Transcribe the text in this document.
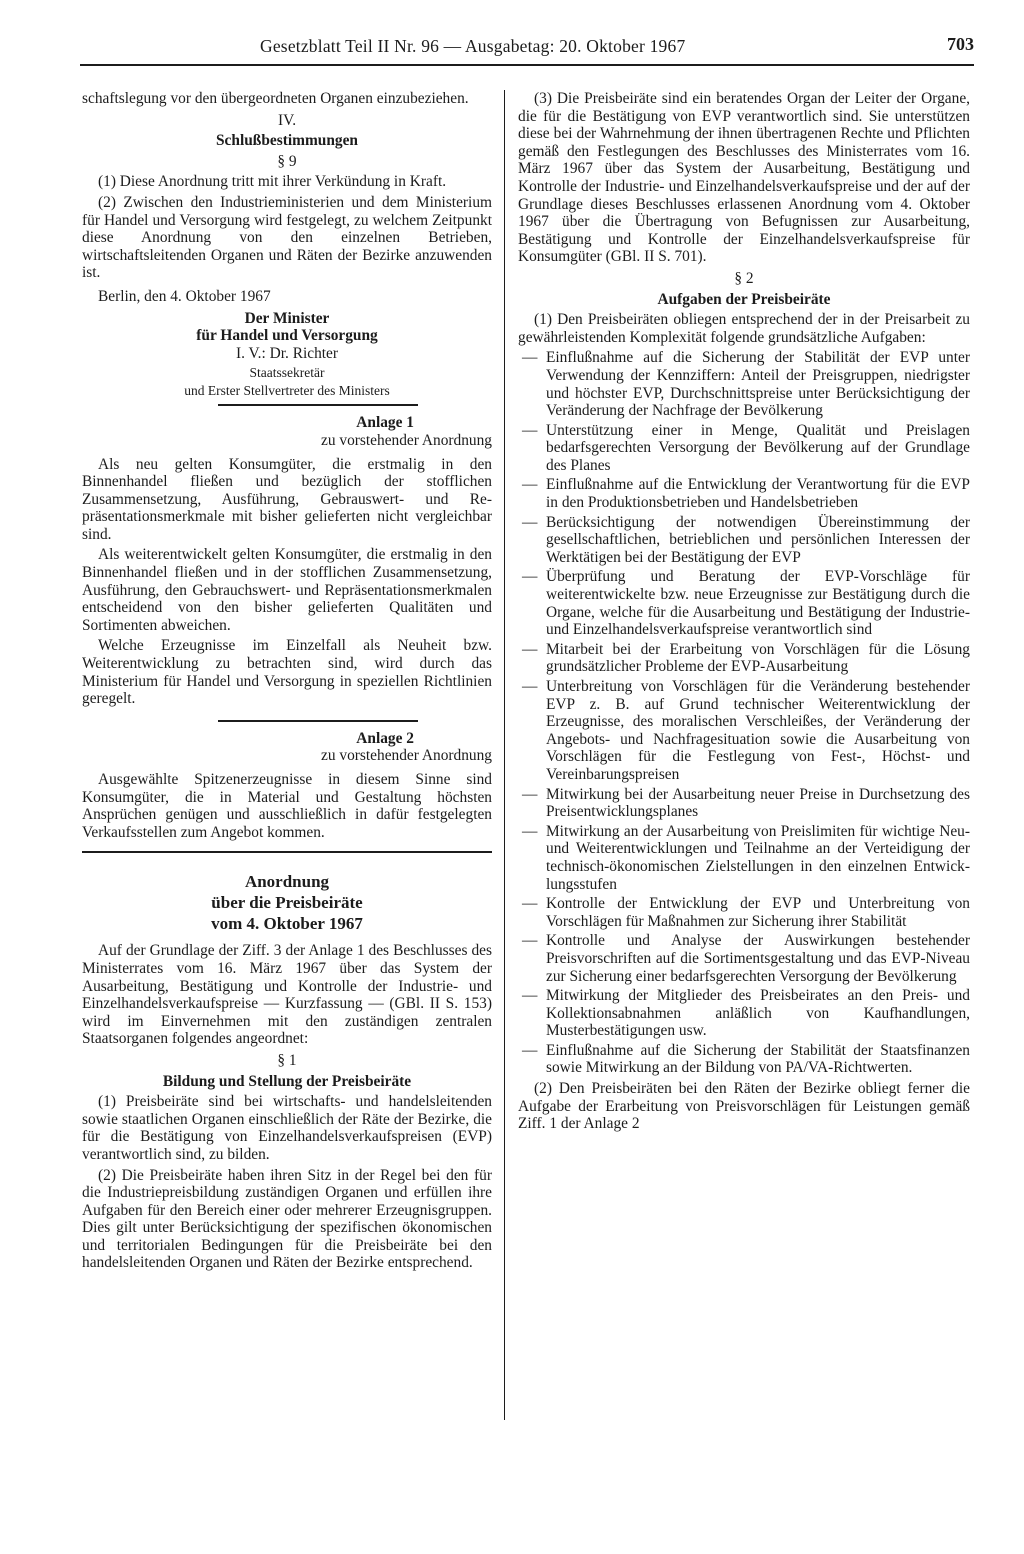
Gesetzblatt Teil II Nr. 96 — Ausgabetag: 20. Oktober 1967	703

schaftslegung vor den übergeordneten Organen einzubeziehen.

IV.

Schlußbestimmungen

§ 9

(1) Diese Anordnung tritt mit ihrer Verkündung in Kraft.

(2) Zwischen den Industrieministerien und dem Ministerium für Handel und Versorgung wird festgelegt, zu welchem Zeitpunkt diese Anordnung von den einzelnen Betrieben, wirtschaftsleitenden Organen und Räten der Bezirke anzuwenden ist.

Berlin, den 4. Oktober 1967

Der Minister

für Handel und Versorgung

I. V.: Dr. Richter

Staatssekretär

und Erster Stellvertreter des Ministers

Anlage 1

zu vorstehender Anordnung

Als neu gelten Konsumgüter, die erstmalig in den Binnenhandel fließen und bezüglich der stofflichen Zusammensetzung, Ausführung, Gebrauswert- und Repräsentationsmerkmale mit bisher gelieferten nicht vergleichbar sind.

Als weiterentwickelt gelten Konsumgüter, die erstmalig in den Binnenhandel fließen und in der stofflichen Zusammensetzung, Ausführung, den Gebrauchswert- und Repräsentationsmerkmalen entscheidend von den bisher gelieferten Qualitäten und Sortimenten abweichen.

Welche Erzeugnisse im Einzelfall als Neuheit bzw. Weiterentwicklung zu betrachten sind, wird durch das Ministerium für Handel und Versorgung in speziellen Richtlinien geregelt.

Anlage 2

zu vorstehender Anordnung

Ausgewählte Spitzenerzeugnisse in diesem Sinne sind Konsumgüter, die in Material und Gestaltung höchsten Ansprüchen genügen und ausschließlich in dafür festgelegten Verkaufsstellen zum Angebot kommen.

Anordnung

über die Preisbeiräte

vom 4. Oktober 1967

Auf der Grundlage der Ziff. 3 der Anlage 1 des Beschlusses des Ministerrates vom 16. März 1967 über das System der Ausarbeitung, Bestätigung und Kontrolle der Industrie- und Einzelhandelsverkaufspreise — Kurzfassung — (GBl. II S. 153) wird im Einvernehmen mit den zuständigen zentralen Staatsorganen folgendes angeordnet:

§ 1

Bildung und Stellung der Preisbeiräte

(1) Preisbeiräte sind bei wirtschafts- und handelsleitenden sowie staatlichen Organen einschließlich der Räte der Bezirke, die für die Bestätigung von Einzelhandelsverkaufspreisen (EVP) verantwortlich sind, zu bilden.

(2) Die Preisbeiräte haben ihren Sitz in der Regel bei den für die Industriepreisbildung zuständigen Organen und erfüllen ihre Aufgaben für den Bereich einer oder mehrerer Erzeugnisgruppen. Dies gilt unter Berücksichtigung der spezifischen ökonomischen und territorialen Bedingungen für die Preisbeiräte bei den handelsleitenden Organen und Räten der Bezirke entsprechend.

(3) Die Preisbeiräte sind ein beratendes Organ der Leiter der Organe, die für die Bestätigung von EVP verantwortlich sind. Sie unterstützen diese bei der Wahrnehmung der ihnen übertragenen Rechte und Pflichten gemäß den Festlegungen des Beschlusses des Ministerrates vom 16. März 1967 über das System der Ausarbeitung, Bestätigung und Kontrolle der Industrie- und Einzelhandelsverkaufspreise und der auf der Grundlage dieses Beschlusses erlassenen Anordnung vom 4. Oktober 1967 über die Übertragung von Befugnissen zur Ausarbeitung, Bestätigung und Kontrolle der Einzelhandelsverkaufspreise für Konsumgüter (GBl. II S. 701).

§ 2

Aufgaben der Preisbeiräte

(1) Den Preisbeiräten obliegen entsprechend der in der Preisarbeit zu gewährleistenden Komplexität folgende grundsätzliche Aufgaben:

— Einflußnahme auf die Sicherung der Stabilität der EVP unter Verwendung der Kennziffern: Anteil der Preisgruppen, niedrigster und höchster EVP, Durchschnittspreise unter Berücksichtigung der Veränderung der Nachfrage der Bevölkerung
— Unterstützung einer in Menge, Qualität und Preislagen bedarfsgerechten Versorgung der Bevölkerung auf der Grundlage des Planes
— Einflußnahme auf die Entwicklung der Verantwortung für die EVP in den Produktionsbetrieben und Handelsbetrieben
— Berücksichtigung der notwendigen Übereinstimmung der gesellschaftlichen, betrieblichen und persönlichen Interessen der Werktätigen bei der Bestätigung der EVP
— Überprüfung und Beratung der EVP-Vorschläge für weiterentwickelte bzw. neue Erzeugnisse zur Bestätigung durch die Organe, welche für die Ausarbeitung und Bestätigung der Industrie- und Einzelhandelsverkaufspreise verantwortlich sind
— Mitarbeit bei der Erarbeitung von Vorschlägen für die Lösung grundsätzlicher Probleme der EVP-Ausarbeitung
— Unterbreitung von Vorschlägen für die Veränderung bestehender EVP z. B. auf Grund technischer Weiterentwicklung der Erzeugnisse, des moralischen Verschleißes, der Veränderung der Angebots- und Nachfragesituation sowie die Ausarbeitung von Vorschlägen für die Festlegung von Fest-, Höchst- und Vereinbarungspreisen
— Mitwirkung bei der Ausarbeitung neuer Preise in Durchsetzung des Preisentwicklungsplanes
— Mitwirkung an der Ausarbeitung von Preislimiten für wichtige Neu- und Weiterentwicklungen und Teilnahme an der Verteidigung der technisch-ökonomischen Zielstellungen in den einzelnen Entwicklungsstufen
— Kontrolle der Entwicklung der EVP und Unterbreitung von Vorschlägen für Maßnahmen zur Sicherung ihrer Stabilität
— Kontrolle und Analyse der Auswirkungen bestehender Preisvorschriften auf die Sortimentsgestaltung und das EVP-Niveau zur Sicherung einer bedarfsgerechten Versorgung der Bevölkerung
— Mitwirkung der Mitglieder des Preisbeirates an den Preis- und Kollektionsabnahmen anläßlich von Kaufhandlungen, Musterbestätigungen usw.
— Einflußnahme auf die Sicherung der Stabilität der Staatsfinanzen sowie Mitwirkung an der Bildung von PA/VA-Richtwerten.

(2) Den Preisbeiräten bei den Räten der Bezirke obliegt ferner die Aufgabe der Erarbeitung von Preisvorschlägen für Leistungen gemäß Ziff. 1 der Anlage 2
